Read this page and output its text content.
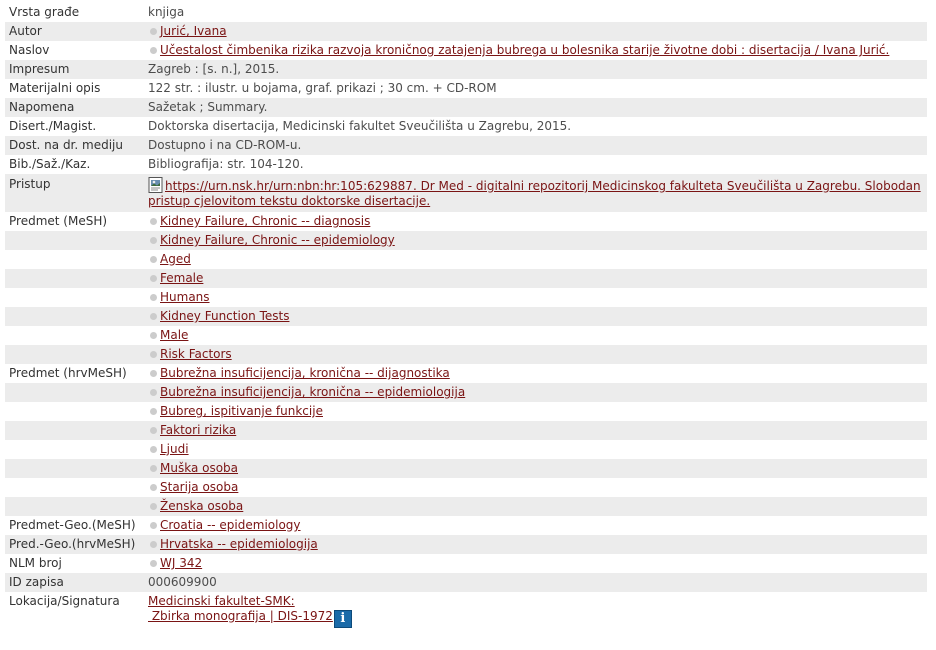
Vrsta građe	knjiga
Autor	Jurić, Ivana
Naslov	Učestalost čimbenika rizika razvoja kroničnog zatajenja bubrega u bolesnika starije životne dobi : disertacija / Ivana Jurić.
Impresum	Zagreb : [s. n.], 2015.
Materijalni opis	122 str. : ilustr. u bojama, graf. prikazi ; 30 cm. + CD-ROM
Napomena	Sažetak ; Summary.
Disert./Magist.	Doktorska disertacija, Medicinski fakultet Sveučilišta u Zagrebu, 2015.
Dost. na dr. mediju	Dostupno i na CD-ROM-u.
Bib./Saž./Kaz.	Bibliografija: str. 104-120.
Pristup	https://urn.nsk.hr/urn:nbn:hr:105:629887. Dr Med - digitalni repozitorij Medicinskog fakulteta Sveučilišta u Zagrebu. Slobodan pristup cjelovitom tekstu doktorske disertacije.
Predmet (MeSH)	Kidney Failure, Chronic -- diagnosis
	Kidney Failure, Chronic -- epidemiology
	Aged
	Female
	Humans
	Kidney Function Tests
	Male
	Risk Factors
Predmet (hrvMeSH)	Bubrežna insuficijencija, kronična -- dijagnostika
	Bubrežna insuficijencija, kronična -- epidemiologija
	Bubreg, ispitivanje funkcije
	Faktori rizika
	Ljudi
	Muška osoba
	Starija osoba
	Ženska osoba
Predmet-Geo.(MeSH)	Croatia -- epidemiology
Pred.-Geo.(hrvMeSH)	Hrvatska -- epidemiologija
NLM broj	WJ 342
ID zapisa	000609900
Lokacija/Signatura	Medicinski fakultet-SMK:
Zbirka monografija | DIS-1972 i
